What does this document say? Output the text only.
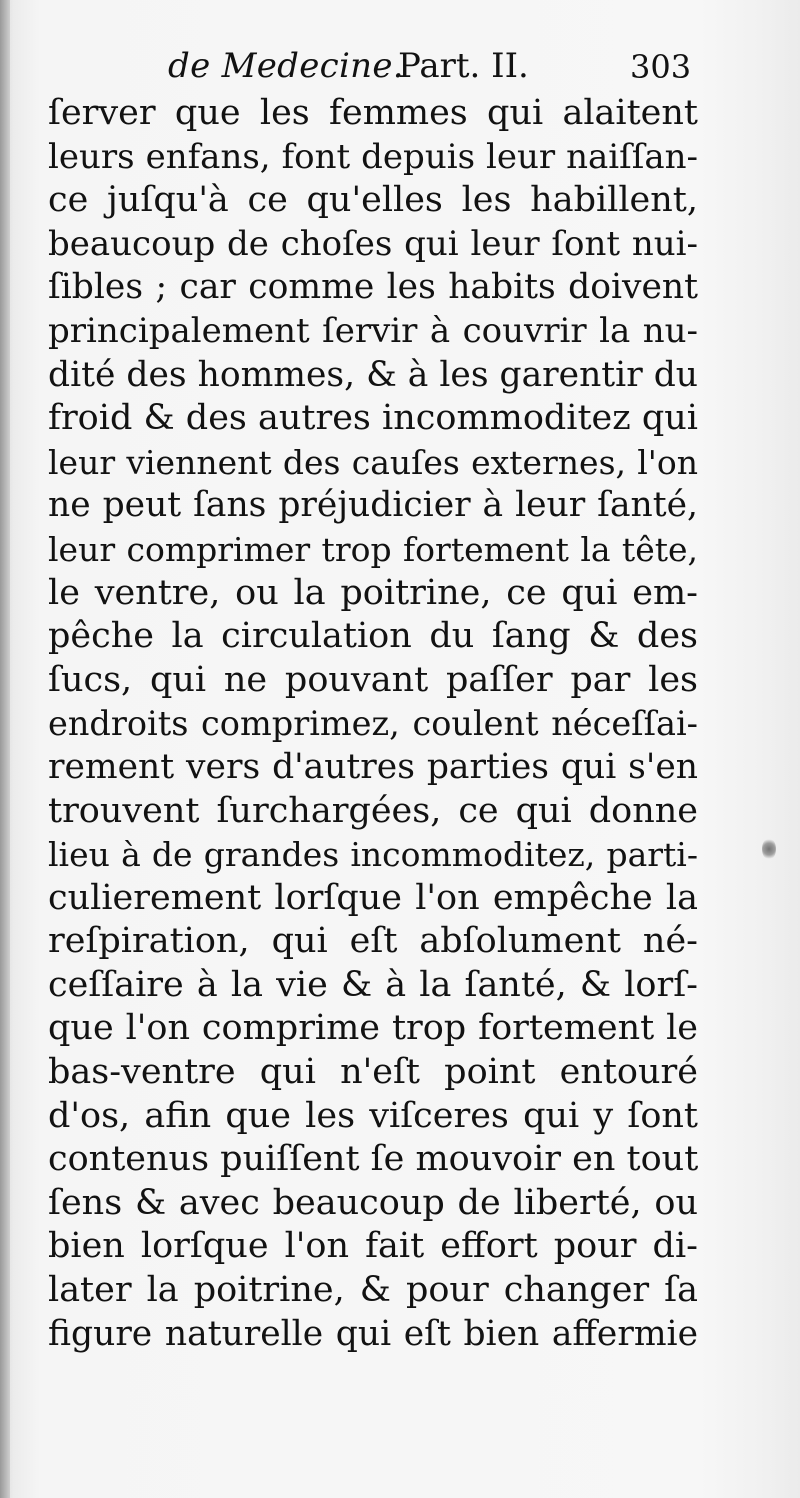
de Medecine.
Part. II.	303
ſerver que les femmes qui alaitent
leurs enfans, font depuis leur naiſſan-
ce juſqu'à ce qu'elles les habillent,
beaucoup de choſes qui leur ſont nui-
ſibles ; car comme les habits doivent
principalement ſervir à couvrir la nu-
dité des hommes, & à les garentir du
froid & des autres incommoditez qui
leur viennent des cauſes externes, l'on
ne peut ſans préjudicier à leur ſanté,
leur comprimer trop fortement la tête,
le ventre, ou la poitrine, ce qui em-
pêche la circulation du ſang & des
ſucs, qui ne pouvant paſſer par les
endroits comprimez, coulent néceſſai-
rement vers d'autres parties qui s'en
trouvent ſurchargées, ce qui donne
lieu à de grandes incommoditez, parti-
culierement lorſque l'on empêche la
reſpiration, qui eſt abſolument né-
ceſſaire à la vie & à la ſanté, & lorſ-
que l'on comprime trop fortement le
bas-ventre qui n'eſt point entouré
d'os, afin que les viſceres qui y ſont
contenus puiſſent ſe mouvoir en tout
ſens & avec beaucoup de liberté, ou
bien lorſque l'on fait effort pour di-
later la poitrine, & pour changer ſa
figure naturelle qui eſt bien affermie
